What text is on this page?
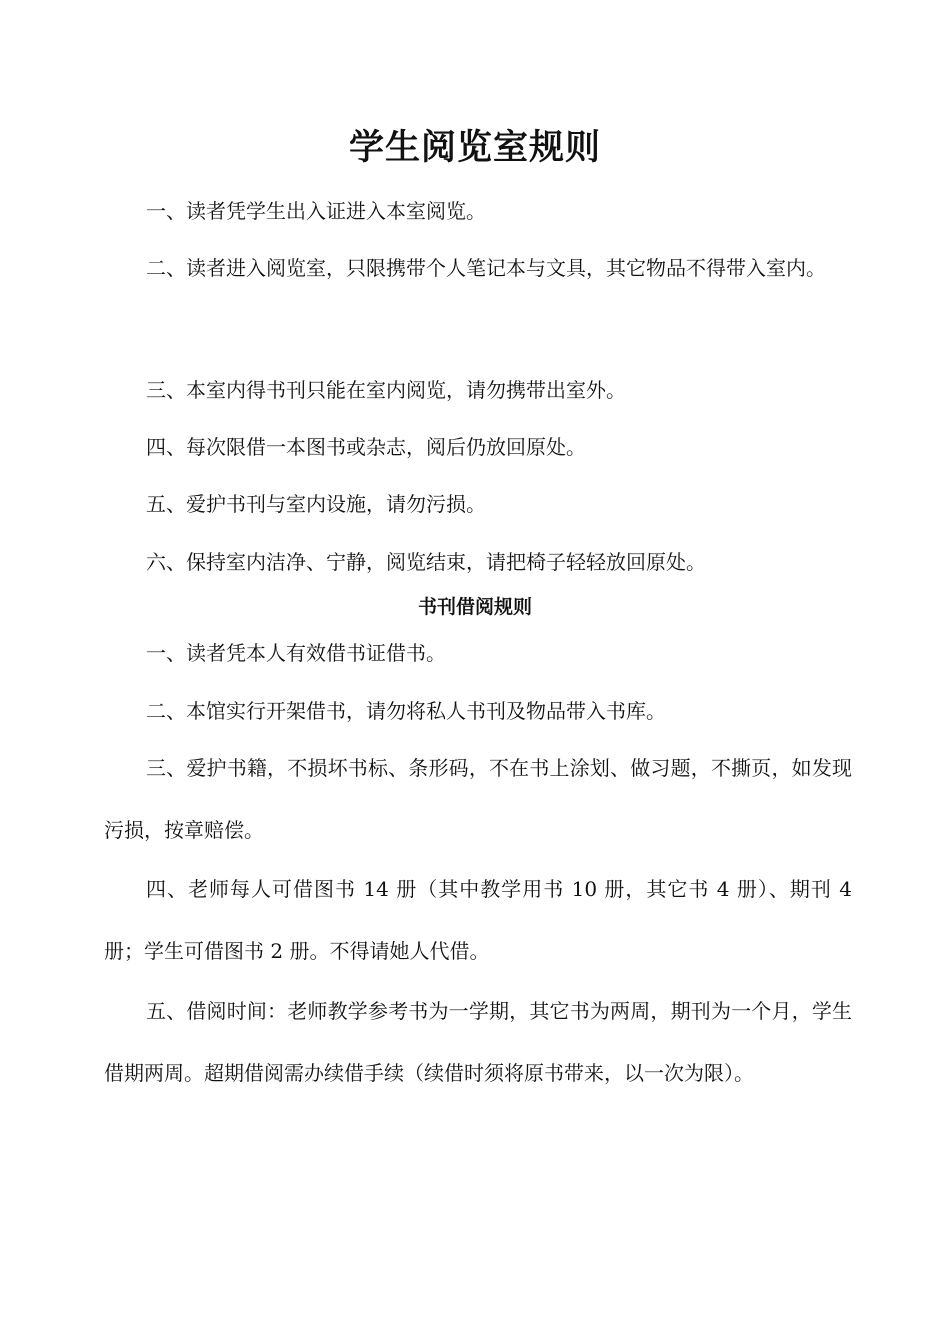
学生阅览室规则

一、读者凭学生出入证进入本室阅览。

二、读者进入阅览室，只限携带个人笔记本与文具，其它物品不得带入室内。

三、本室内得书刊只能在室内阅览，请勿携带出室外。

四、每次限借一本图书或杂志，阅后仍放回原处。

五、爱护书刊与室内设施，请勿污损。

六、保持室内洁净、宁静，阅览结束，请把椅子轻轻放回原处。

书刊借阅规则

一、读者凭本人有效借书证借书。

二、本馆实行开架借书，请勿将私人书刊及物品带入书库。

三、爱护书籍，不损坏书标、条形码，不在书上涂划、做习题，不撕页，如发现污损，按章赔偿。

四、老师每人可借图书 14 册（其中教学用书 10 册，其它书 4 册）、期刊 4 册；学生可借图书 2 册。不得请她人代借。

五、借阅时间：老师教学参考书为一学期，其它书为两周，期刊为一个月，学生借期两周。超期借阅需办续借手续（续借时须将原书带来，以一次为限）。
